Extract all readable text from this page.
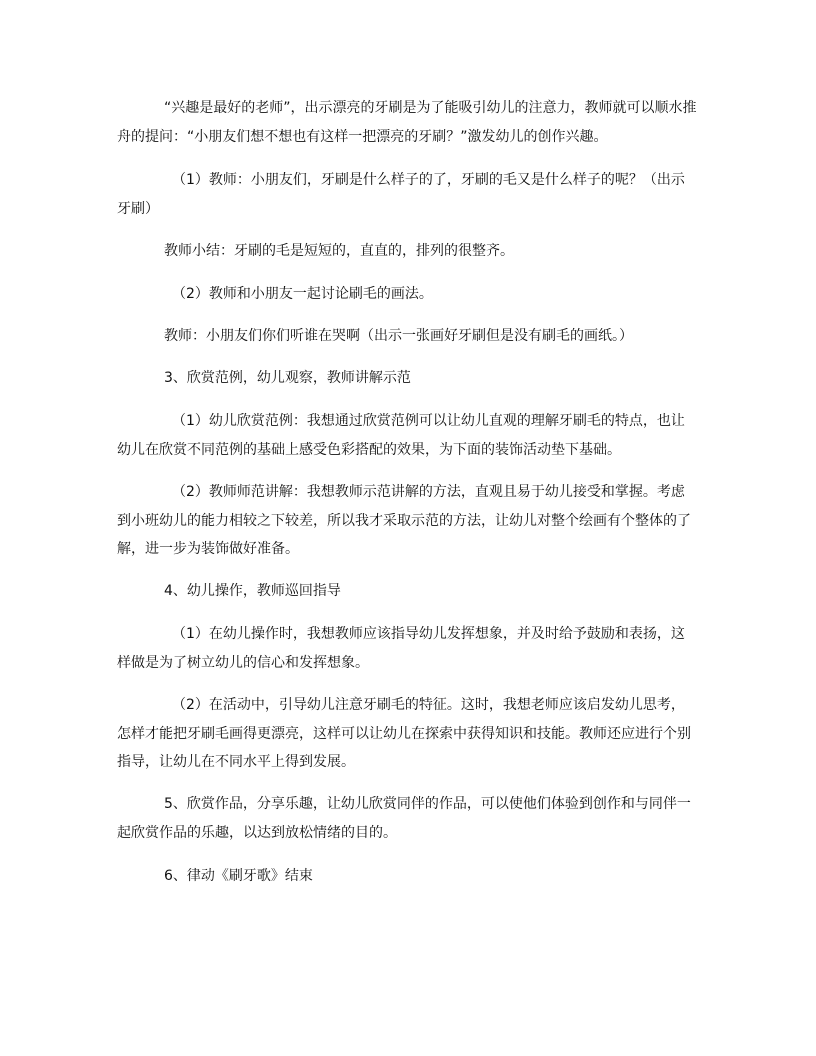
“兴趣是最好的老师”，出示漂亮的牙刷是为了能吸引幼儿的注意力，教师就可以顺水推舟的提问：“小朋友们想不想也有这样一把漂亮的牙刷？”激发幼儿的创作兴趣。

（1）教师：小朋友们，牙刷是什么样子的了，牙刷的毛又是什么样子的呢？（出示牙刷）

教师小结：牙刷的毛是短短的，直直的，排列的很整齐。

（2）教师和小朋友一起讨论刷毛的画法。

教师：小朋友们你们听谁在哭啊（出示一张画好牙刷但是没有刷毛的画纸。）

3、欣赏范例，幼儿观察，教师讲解示范

（1）幼儿欣赏范例：我想通过欣赏范例可以让幼儿直观的理解牙刷毛的特点，也让幼儿在欣赏不同范例的基础上感受色彩搭配的效果，为下面的装饰活动垫下基础。

（2）教师师范讲解：我想教师示范讲解的方法，直观且易于幼儿接受和掌握。考虑到小班幼儿的能力相较之下较差，所以我才采取示范的方法，让幼儿对整个绘画有个整体的了解，进一步为装饰做好准备。

4、幼儿操作，教师巡回指导

（1）在幼儿操作时，我想教师应该指导幼儿发挥想象，并及时给予鼓励和表扬，这样做是为了树立幼儿的信心和发挥想象。

（2）在活动中，引导幼儿注意牙刷毛的特征。这时，我想老师应该启发幼儿思考，怎样才能把牙刷毛画得更漂亮，这样可以让幼儿在探索中获得知识和技能。教师还应进行个别指导，让幼儿在不同水平上得到发展。

5、欣赏作品，分享乐趣，让幼儿欣赏同伴的作品，可以使他们体验到创作和与同伴一起欣赏作品的乐趣，以达到放松情绪的目的。

6、律动《刷牙歌》结束
